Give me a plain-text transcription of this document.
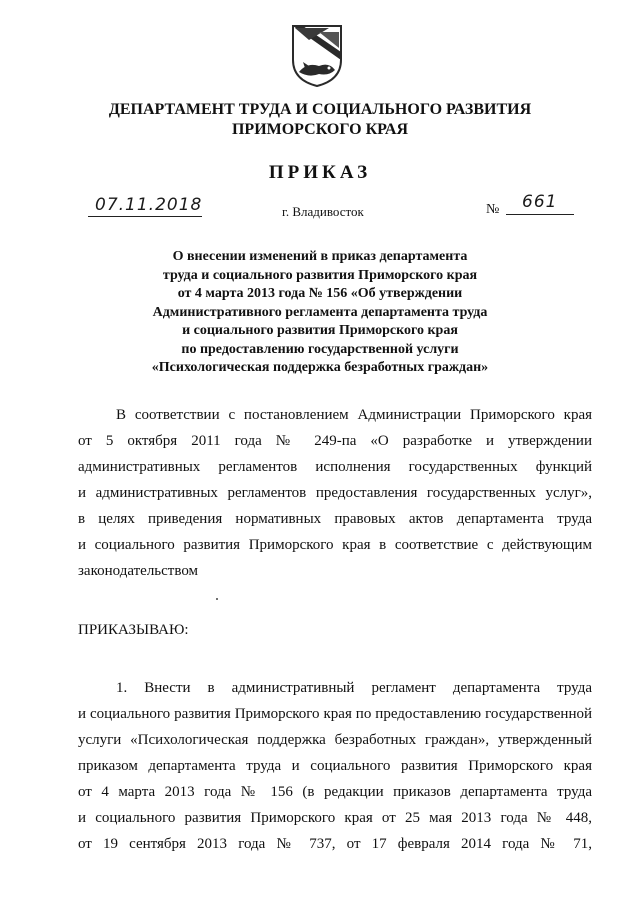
ДЕПАРТАМЕНТ ТРУДА И СОЦИАЛЬНОГО РАЗВИТИЯ
ПРИМОРСКОГО КРАЯ
ПРИКАЗ
07.11.2018	г. Владивосток	№ 661
О внесении изменений в приказ департамента
труда и социального развития Приморского края
от 4 марта 2013 года № 156 «Об утверждении
Административного регламента департамента труда
и социального развития Приморского края
по предоставлению государственной услуги
«Психологическая поддержка безработных граждан»
В соответствии с постановлением Администрации Приморского края
от 5 октября 2011 года № 249-па «О разработке и утверждении
административных регламентов исполнения государственных функций
и административных регламентов предоставления государственных услуг»,
в целях приведения нормативных правовых актов департамента труда
и социального развития Приморского края в соответствие с действующим
законодательством
ПРИКАЗЫВАЮ:
1. Внести в административный регламент департамента труда
и социального развития Приморского края по предоставлению государственной
услуги «Психологическая поддержка безработных граждан», утвержденный
приказом департамента труда и социального развития Приморского края
от 4 марта 2013 года № 156 (в редакции приказов департамента труда
и социального развития Приморского края от 25 мая 2013 года № 448,
от 19 сентября 2013 года № 737, от 17 февраля 2014 года № 71,
